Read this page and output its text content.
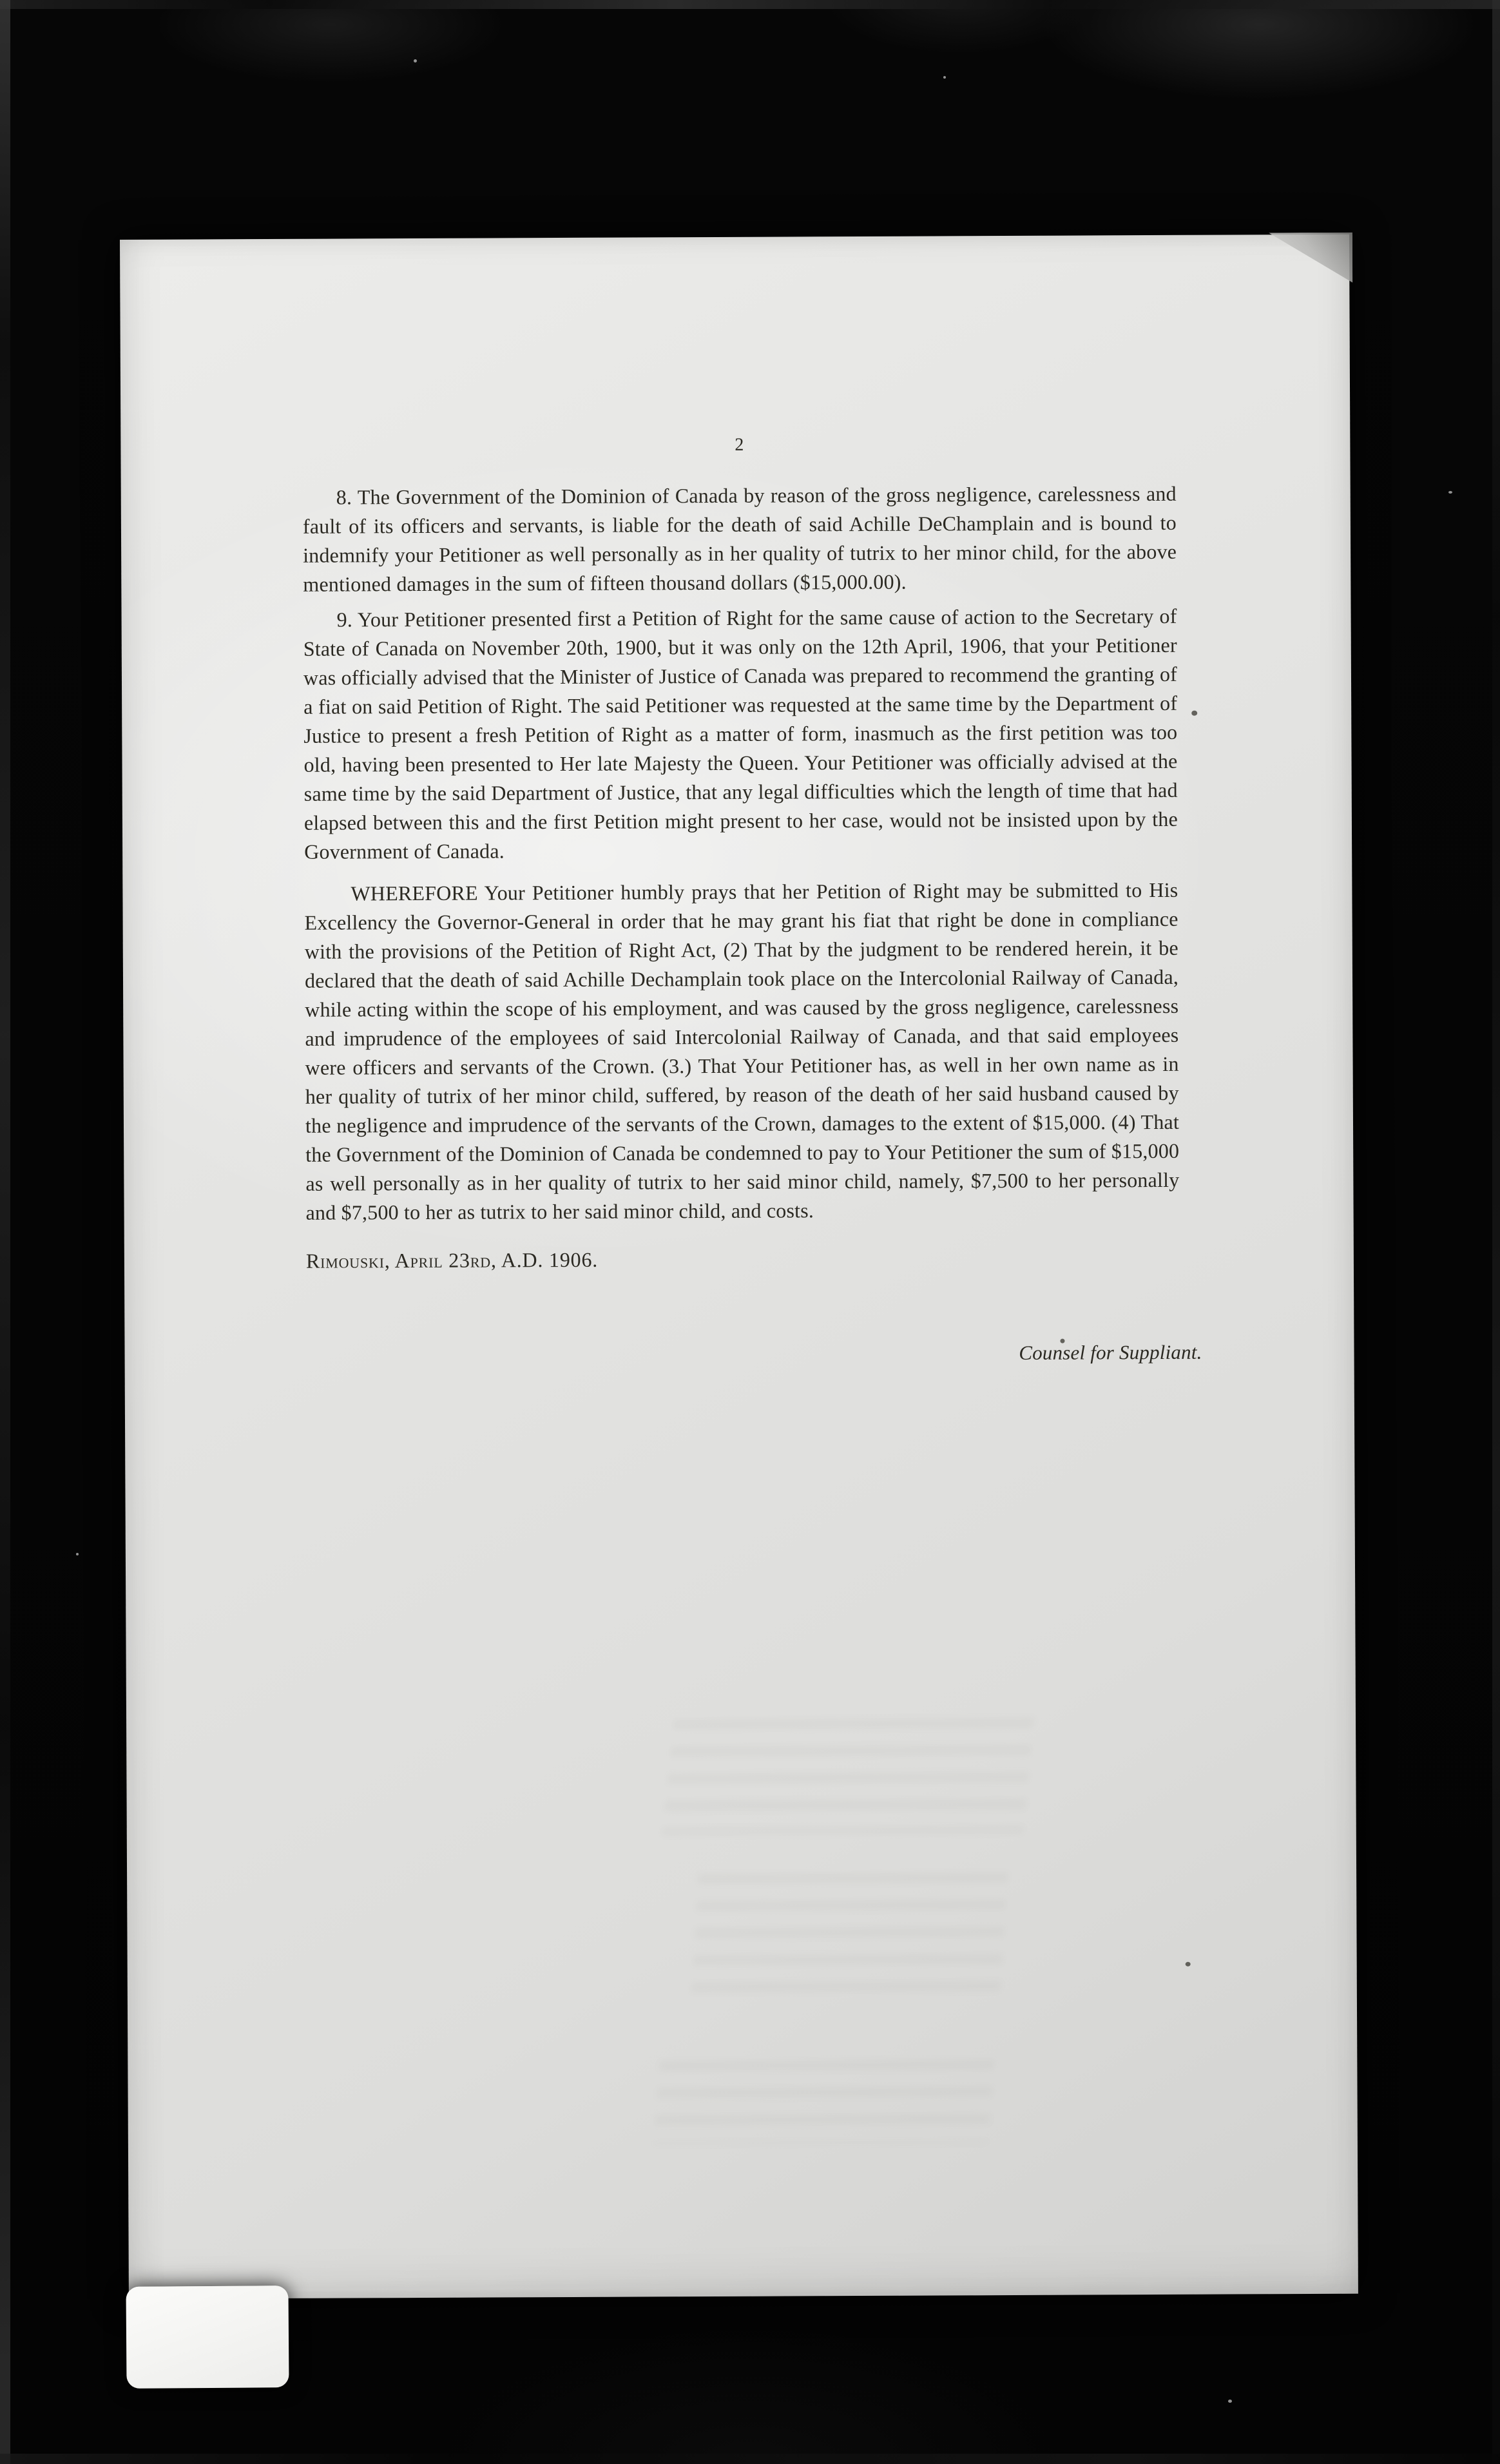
2

8. The Government of the Dominion of Canada by reason of the gross negligence, carelessness and fault of its officers and servants, is liable for the death of said Achille DeChamplain and is bound to indemnify your Petitioner as well personally as in her quality of tutrix to her minor child, for the above mentioned damages in the sum of fifteen thousand dollars ($15,000.00).

9. Your Petitioner presented first a Petition of Right for the same cause of action to the Secretary of State of Canada on November 20th, 1900, but it was only on the 12th April, 1906, that your Petitioner was officially advised that the Minister of Justice of Canada was prepared to recommend the granting of a fiat on said Petition of Right. The said Petitioner was requested at the same time by the Department of Justice to present a fresh Petition of Right as a matter of form, inasmuch as the first petition was too old, having been presented to Her late Majesty the Queen. Your Petitioner was officially advised at the same time by the said Department of Justice, that any legal difficulties which the length of time that had elapsed between this and the first Petition might present to her case, would not be insisted upon by the Government of Canada.

WHEREFORE Your Petitioner humbly prays that her Petition of Right may be submitted to His Excellency the Governor-General in order that he may grant his fiat that right be done in compliance with the provisions of the Petition of Right Act, (2) That by the judgment to be rendered herein, it be declared that the death of said Achille Dechamplain took place on the Intercolonial Railway of Canada, while acting within the scope of his employment, and was caused by the gross negligence, carelessness and imprudence of the employees of said Intercolonial Railway of Canada, and that said employees were officers and servants of the Crown. (3.) That Your Petitioner has, as well in her own name as in her quality of tutrix of her minor child, suffered, by reason of the death of her said husband caused by the negligence and imprudence of the servants of the Crown, damages to the extent of $15,000. (4) That the Government of the Dominion of Canada be condemned to pay to Your Petitioner the sum of $15,000 as well personally as in her quality of tutrix to her said minor child, namely, $7,500 to her personally and $7,500 to her as tutrix to her said minor child, and costs.

Rimouski, April 23rd, A.D. 1906.

Counsel for Suppliant.
